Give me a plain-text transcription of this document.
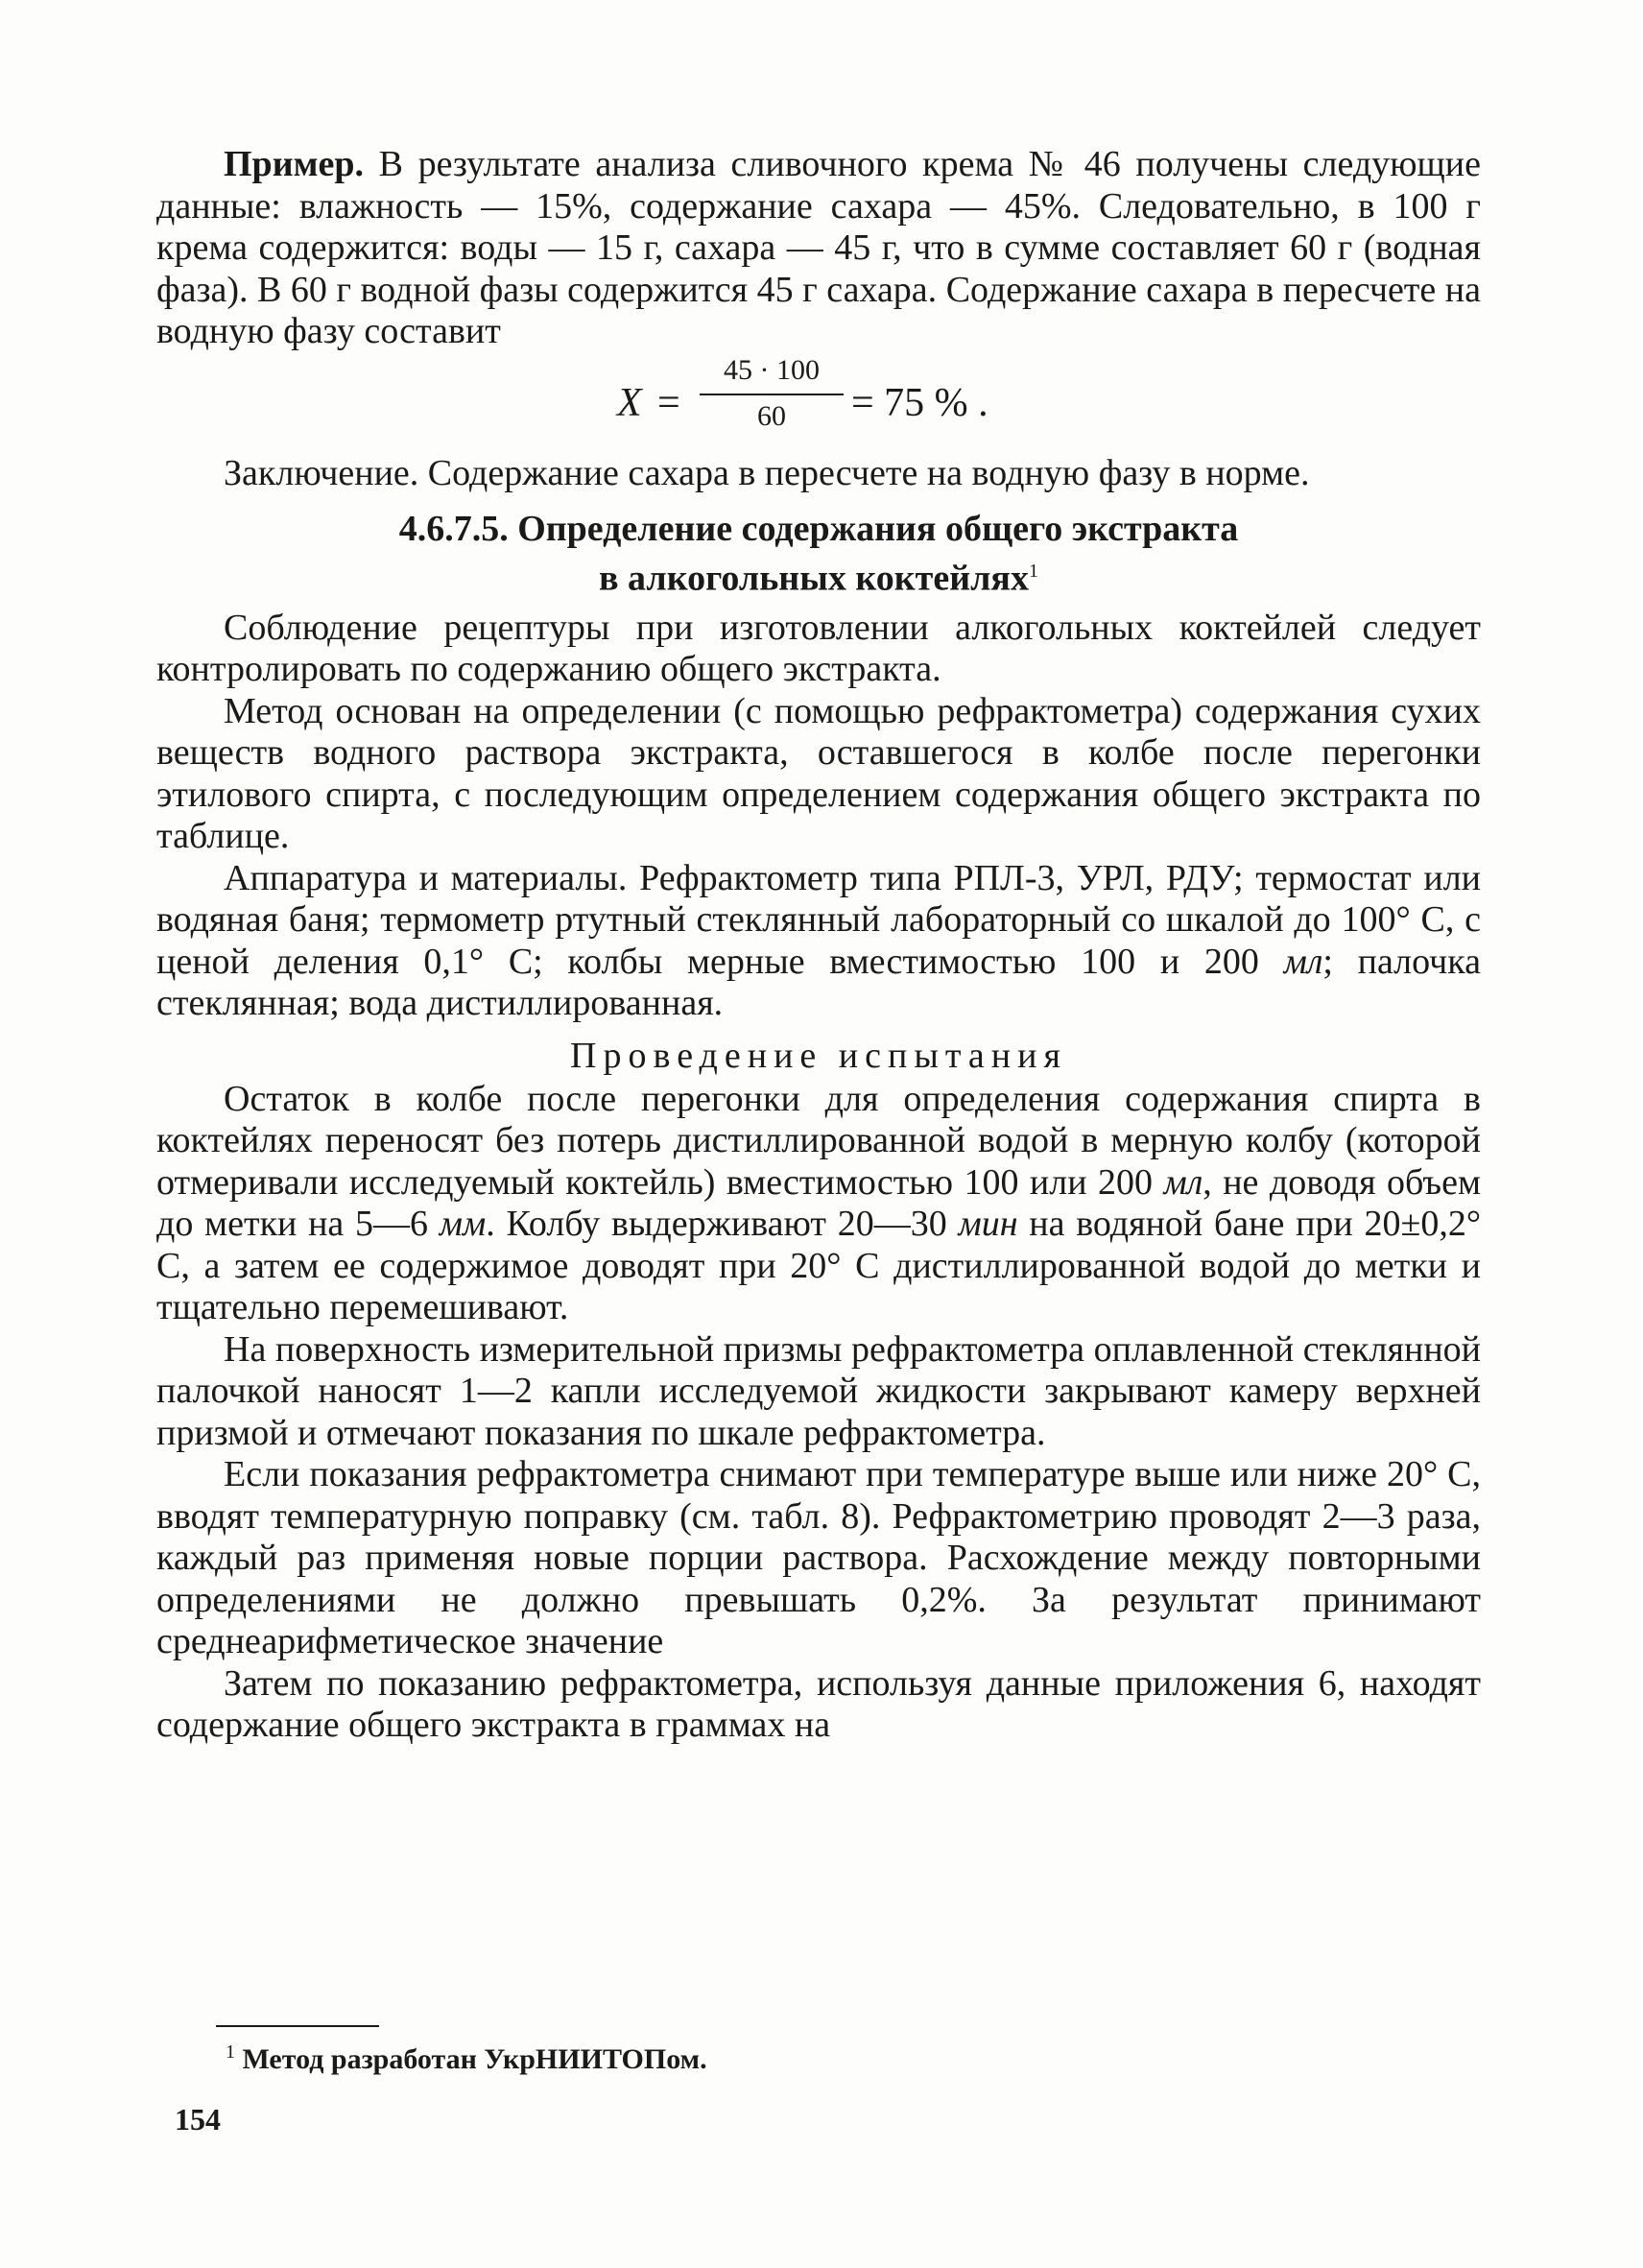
Пример. В результате анализа сливочного крема № 46 получены следующие данные: влажность — 15%, содержание сахара — 45%. Следовательно, в 100 г крема содержится: воды — 15 г, сахара — 45 г, что в сумме составляет 60 г (водная фаза). В 60 г водной фазы содержится 45 г сахара. Содержание сахара в пересчете на водную фазу составит

X =
45 · 100
60	= 75 % .

Заключение. Содержание сахара в пересчете на водную фазу в норме.

4.6.7.5. Определение содержания общего экстракта
в алкогольных коктейлях$^1$

Соблюдение рецептуры при изготовлении алкогольных коктейлей следует контролировать по содержанию общего экстракта.

Метод основан на определении (с помощью рефрактометра) содержания сухих веществ водного раствора экстракта, оставшегося в колбе после перегонки этилового спирта, с последующим определением содержания общего экстракта по таблице.

Аппаратура и материалы. Рефрактометр типа РПЛ-3, УРЛ, РДУ; термостат или водяная баня; термометр ртутный стеклянный лабораторный со шкалой до 100° С, с ценой деления 0,1° С; колбы мерные вместимостью 100 и 200 мл; палочка стеклянная; вода дистиллированная.

Проведение испытания

Остаток в колбе после перегонки для определения содержания спирта в коктейлях переносят без потерь дистиллированной водой в мерную колбу (которой отмеривали исследуемый коктейль) вместимостью 100 или 200 мл, не доводя объем до метки на 5—6 мм. Колбу выдерживают 20—30 мин на водяной бане при 20±0,2° С, а затем ее содержимое доводят при 20° С дистиллированной водой до метки и тщательно перемешивают.

На поверхность измерительной призмы рефрактометра оплавленной стеклянной палочкой наносят 1—2 капли исследуемой жидкости закрывают камеру верхней призмой и отмечают показания по шкале рефрактометра.

Если показания рефрактометра снимают при температуре выше или ниже 20° С, вводят температурную поправку (см. табл. 8). Рефрактометрию проводят 2—3 раза, каждый раз применяя новые порции раствора. Расхождение между повторными определениями не должно превышать 0,2%. За результат принимают среднеарифметическое значение

Затем по показанию рефрактометра, используя данные приложения 6, находят содержание общего экстракта в граммах на

$^1$ Метод разработан УкрНИИТОПом.
154
